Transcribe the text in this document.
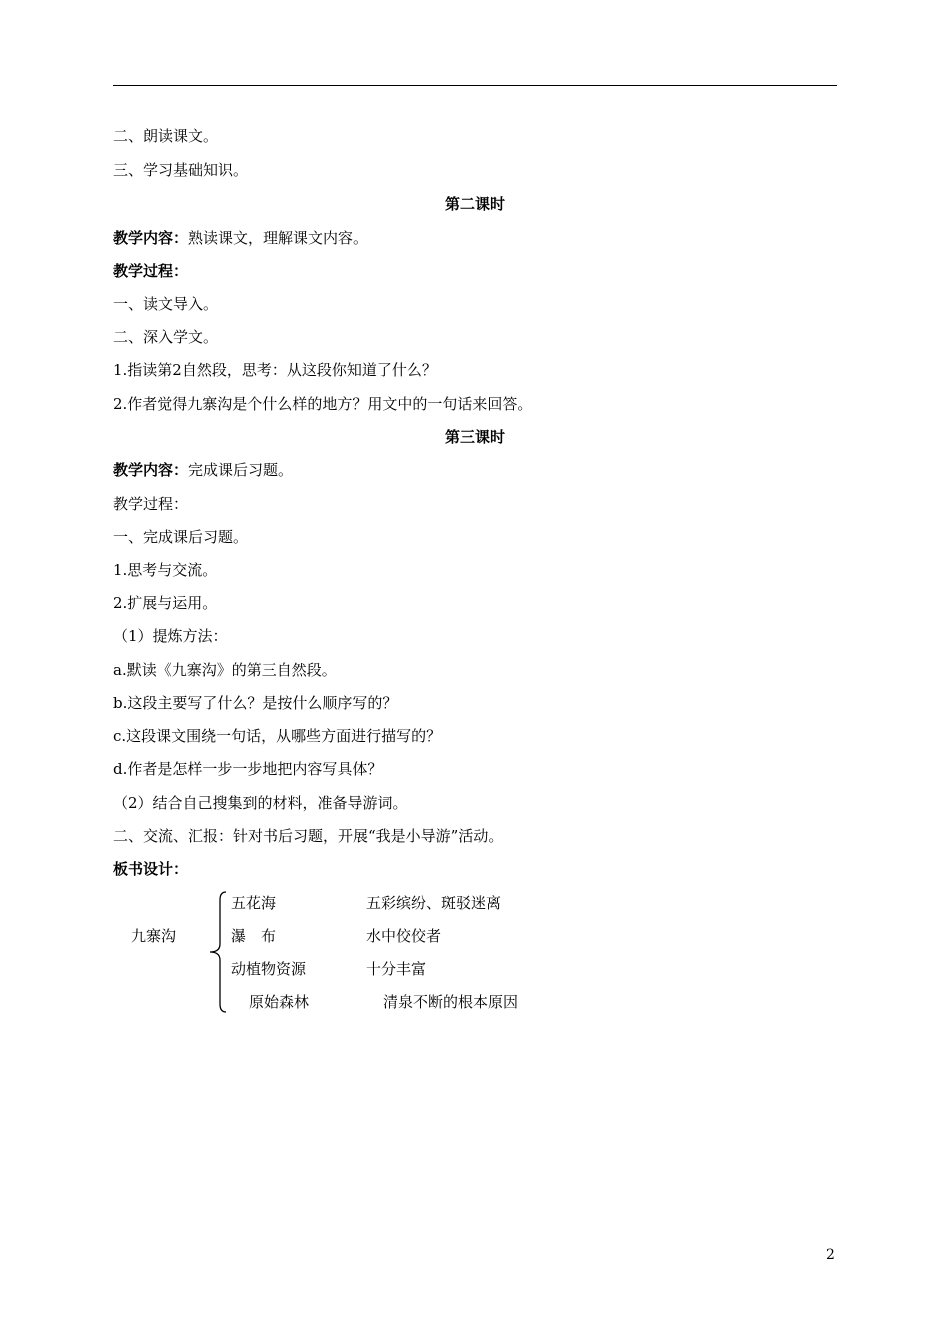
二、朗读课文。
三、学习基础知识。
第二课时
教学内容：熟读课文，理解课文内容。
教学过程：
一、读文导入。
二、深入学文。
1.指读第2自然段，思考：从这段你知道了什么？
2.作者觉得九寨沟是个什么样的地方？用文中的一句话来回答。
第三课时
教学内容：完成课后习题。
教学过程：
一、完成课后习题。
1.思考与交流。
2.扩展与运用。
（1）提炼方法：
a.默读《九寨沟》的第三自然段。
b.这段主要写了什么？是按什么顺序写的？
c.这段课文围绕一句话，从哪些方面进行描写的？
d.作者是怎样一步一步地把内容写具体？
（2）结合自己搜集到的材料，准备导游词。
二、交流、汇报：针对书后习题，开展“我是小导游”活动。
板书设计：
九寨沟
五花海	五彩缤纷、斑驳迷离
瀑　布	水中佼佼者
动植物资源	十分丰富
原始森林	清泉不断的根本原因
2
